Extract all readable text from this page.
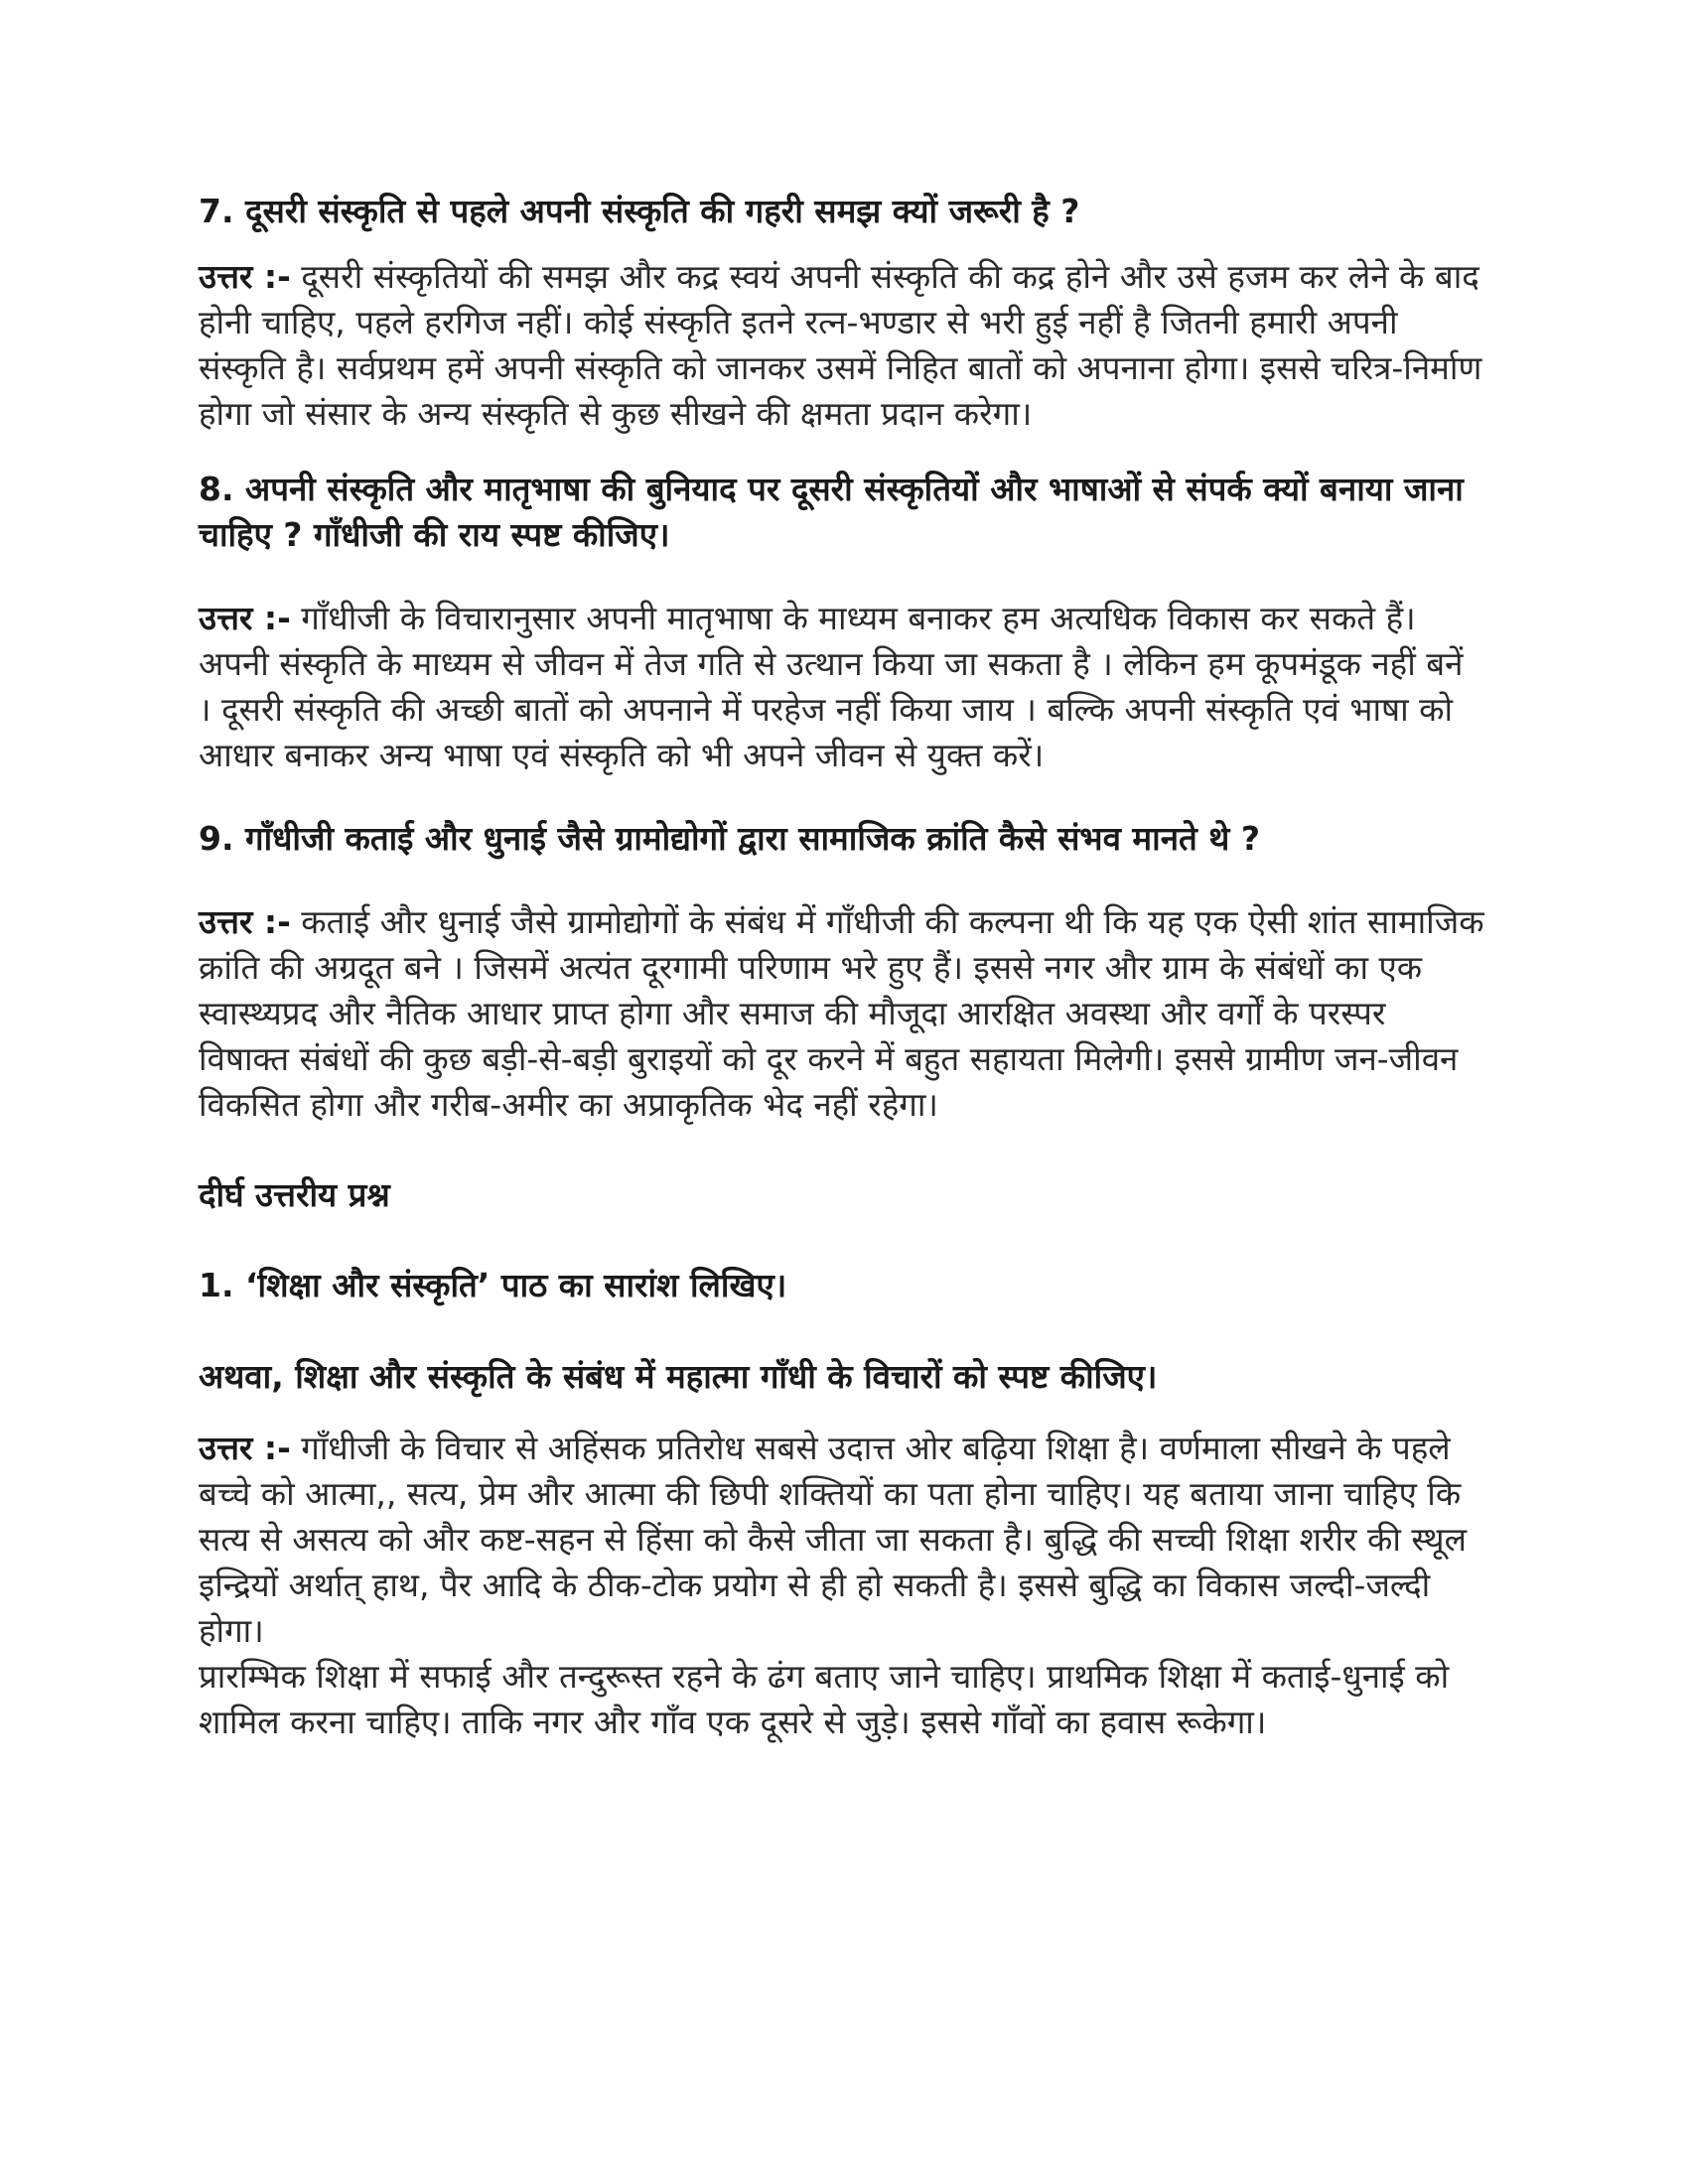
7. दूसरी संस्कृति से पहले अपनी संस्कृति की गहरी समझ क्यों जरूरी है ?

उत्तर :- दूसरी संस्कृतियों की समझ और कद्र स्वयं अपनी संस्कृति की कद्र होने और उसे हजम कर लेने के बाद होनी चाहिए, पहले हरगिज नहीं। कोई संस्कृति इतने रत्न-भण्डार से भरी हुई नहीं है जितनी हमारी अपनी संस्कृति है। सर्वप्रथम हमें अपनी संस्कृति को जानकर उसमें निहित बातों को अपनाना होगा। इससे चरित्र-निर्माण होगा जो संसार के अन्य संस्कृति से कुछ सीखने की क्षमता प्रदान करेगा।

8. अपनी संस्कृति और मातृभाषा की बुनियाद पर दूसरी संस्कृतियों और भाषाओं से संपर्क क्यों बनाया जाना चाहिए ? गाँधीजी की राय स्पष्ट कीजिए।

उत्तर :- गाँधीजी के विचारानुसार अपनी मातृभाषा के माध्यम बनाकर हम अत्यधिक विकास कर सकते हैं। अपनी संस्कृति के माध्यम से जीवन में तेज गति से उत्थान किया जा सकता है । लेकिन हम कूपमंडूक नहीं बनें । दूसरी संस्कृति की अच्छी बातों को अपनाने में परहेज नहीं किया जाय । बल्कि अपनी संस्कृति एवं भाषा को आधार बनाकर अन्य भाषा एवं संस्कृति को भी अपने जीवन से युक्त करें।

9. गाँधीजी कताई और धुनाई जैसे ग्रामोद्योगों द्वारा सामाजिक क्रांति कैसे संभव मानते थे ?

उत्तर :- कताई और धुनाई जैसे ग्रामोद्योगों के संबंध में गाँधीजी की कल्पना थी कि यह एक ऐसी शांत सामाजिक क्रांति की अग्रदूत बने । जिसमें अत्यंत दूरगामी परिणाम भरे हुए हैं। इससे नगर और ग्राम के संबंधों का एक स्वास्थ्यप्रद और नैतिक आधार प्राप्त होगा और समाज की मौजूदा आरक्षित अवस्था और वर्गों के परस्पर विषाक्त संबंधों की कुछ बड़ी-से-बड़ी बुराइयों को दूर करने में बहुत सहायता मिलेगी। इससे ग्रामीण जन-जीवन विकसित होगा और गरीब-अमीर का अप्राकृतिक भेद नहीं रहेगा।

दीर्घ उत्तरीय प्रश्न
1. ‘शिक्षा और संस्कृति’ पाठ का सारांश लिखिए।
अथवा, शिक्षा और संस्कृति के संबंध में महात्मा गाँधी के विचारों को स्पष्ट कीजिए।

उत्तर :- गाँधीजी के विचार से अहिंसक प्रतिरोध सबसे उदात्त ओर बढ़िया शिक्षा है। वर्णमाला सीखने के पहले बच्चे को आत्मा,, सत्य, प्रेम और आत्मा की छिपी शक्तियों का पता होना चाहिए। यह बताया जाना चाहिए कि सत्य से असत्य को और कष्ट-सहन से हिंसा को कैसे जीता जा सकता है। बुद्धि की सच्ची शिक्षा शरीर की स्थूल इन्द्रियों अर्थात् हाथ, पैर आदि के ठीक-टोक प्रयोग से ही हो सकती है। इससे बुद्धि का विकास जल्दी-जल्दी होगा।

प्रारम्भिक शिक्षा में सफाई और तन्दुरूस्त रहने के ढंग बताए जाने चाहिए। प्राथमिक शिक्षा में कताई-धुनाई को शामिल करना चाहिए। ताकि नगर और गाँव एक दूसरे से जुड़े। इससे गाँवों का हवास रूकेगा।
